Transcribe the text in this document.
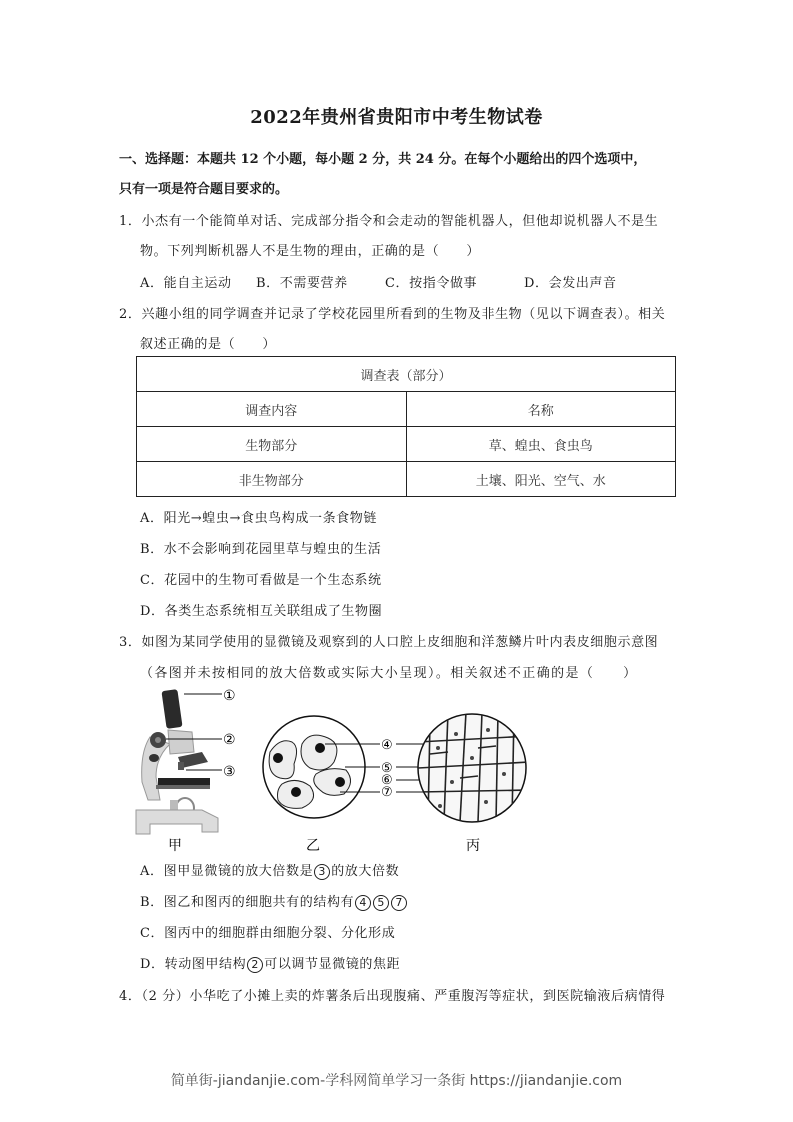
2022年贵州省贵阳市中考生物试卷
一、选择题：本题共 12 个小题，每小题 2 分，共 24 分。在每个小题给出的四个选项中，
只有一项是符合题目要求的。
1．小杰有一个能简单对话、完成部分指令和会走动的智能机器人，但他却说机器人不是生
物。下列判断机器人不是生物的理由，正确的是（　　）
A．能自主运动 B．不需要营养	C．按指令做事	D．会发出声音
2．兴趣小组的同学调查并记录了学校花园里所看到的生物及非生物（见以下调查表）。相关
叙述正确的是（　　）
调查表（部分）	
调查内容	名称
生物部分	草、蝗虫、食虫鸟
非生物部分	土壤、阳光、空气、水
A．阳光→蝗虫→食虫鸟构成一条食物链
B．水不会影响到花园里草与蝗虫的生活
C．花园中的生物可看做是一个生态系统
D．各类生态系统相互关联组成了生物圈
3．如图为某同学使用的显微镜及观察到的人口腔上皮细胞和洋葱鳞片叶内表皮细胞示意图
（各图并未按相同的放大倍数或实际大小呈现）。相关叙述不正确的是（　　）
①
②
③
④
⑤
⑥
⑦
甲	乙	丙
A．图甲显微镜的放大倍数是 3 的放大倍数
B．图乙和图丙的细胞共有的结构有 4 5 7
C．图丙中的细胞群由细胞分裂、分化形成
D．转动图甲结构 2 可以调节显微镜的焦距
4．（2 分）小华吃了小摊上卖的炸薯条后出现腹痛、严重腹泻等症状，到医院输液后病情得
简单街-jiandanjie.com-学科网简单学习一条街 https://jiandanjie.com
